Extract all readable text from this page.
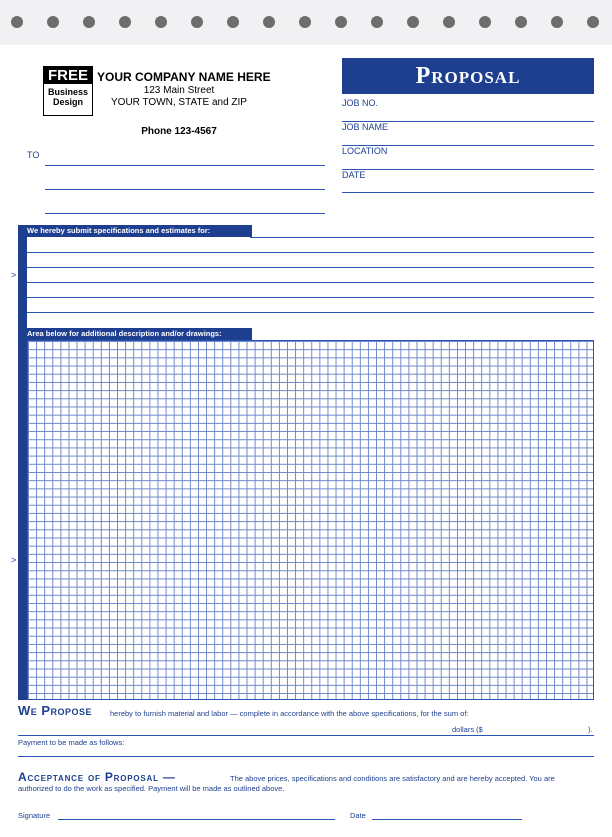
FREE
Business
Design
YOUR COMPANY NAME HERE
123 Main Street
YOUR TOWN, STATE and ZIP
Phone 123-4567
TO
Proposal
JOB NO.
JOB NAME
LOCATION
DATE
We hereby submit specifications and estimates for:
>
Area below for additional description and/or drawings:
>
We Propose hereby to furnish material and labor — complete in accordance with the above specifications, for the sum of:
dollars ($	).
Payment to be made as follows:
Acceptance of Proposal —	The above prices, specifications and conditions are satisfactory and are hereby accepted. You are
authorized to do the work as specified. Payment will be made as outlined above.
Signature	Date
